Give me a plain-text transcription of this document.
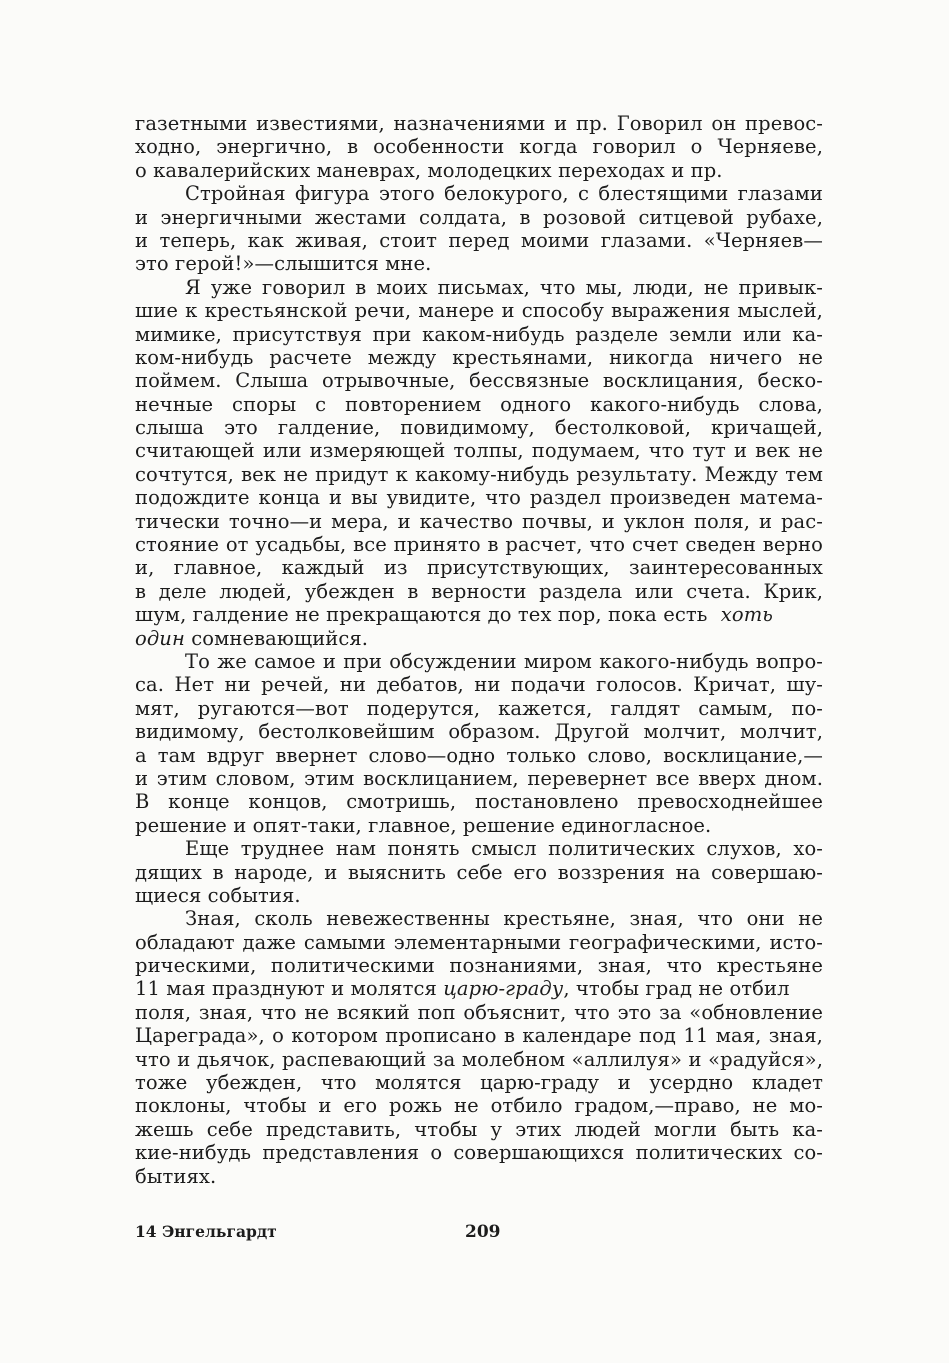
газетными известиями, назначениями и пр. Говорил он превос-
ходно, энергично, в особенности когда говорил о Черняеве,
о кавалерийских маневрах, молодецких переходах и пр.
Стройная фигура этого белокурого, с блестящими глазами
и энергичными жестами солдата, в розовой ситцевой рубахе,
и теперь, как живая, стоит перед моими глазами. «Черняев—
это герой!»—слышится мне.
Я уже говорил в моих письмах, что мы, люди, не привык-
шие к крестьянской речи, манере и способу выражения мыслей,
мимике, присутствуя при каком-нибудь разделе земли или ка-
ком-нибудь расчете между крестьянами, никогда ничего не
поймем. Слыша отрывочные, бессвязные восклицания, беско-
нечные споры с повторением одного какого-нибудь слова,
слыша это галдение, повидимому, бестолковой, кричащей,
считающей или измеряющей толпы, подумаем, что тут и век не
сочтутся, век не придут к какому-нибудь результату. Между тем
подождите конца и вы увидите, что раздел произведен матема-
тически точно—и мера, и качество почвы, и уклон поля, и рас-
стояние от усадьбы, все принято в расчет, что счет сведен верно
и, главное, каждый из присутствующих, заинтересованных
в деле людей, убежден в верности раздела или счета. Крик,
шум, галдение не прекращаются до тех пор, пока есть хоть
один сомневающийся.
То же самое и при обсуждении миром какого-нибудь вопро-
са. Нет ни речей, ни дебатов, ни подачи голосов. Кричат, шу-
мят, ругаются—вот подерутся, кажется, галдят самым, по-
видимому, бестолковейшим образом. Другой молчит, молчит,
а там вдруг ввернет слово—одно только слово, восклицание,—
и этим словом, этим восклицанием, перевернет все вверх дном.
В конце концов, смотришь, постановлено превосходнейшее
решение и опят-таки, главное, решение единогласное.
Еще труднее нам понять смысл политических слухов, хо-
дящих в народе, и выяснить себе его воззрения на совершаю-
щиеся события.
Зная, сколь невежественны крестьяне, зная, что они не
обладают даже самыми элементарными географическими, исто-
рическими, политическими познаниями, зная, что крестьяне
11 мая празднуют и молятся царю-граду, чтобы град не отбил
поля, зная, что не всякий поп объяснит, что это за «обновление
Цареграда», о котором прописано в календаре под 11 мая, зная,
что и дьячок, распевающий за молебном «аллилуя» и «радуйся»,
тоже убежден, что молятся царю-граду и усердно кладет
поклоны, чтобы и его рожь не отбило градом,—право, не мо-
жешь себе представить, чтобы у этих людей могли быть ка-
кие-нибудь представления о совершающихся политических со-
бытиях.
14 Энгельгардт	209
